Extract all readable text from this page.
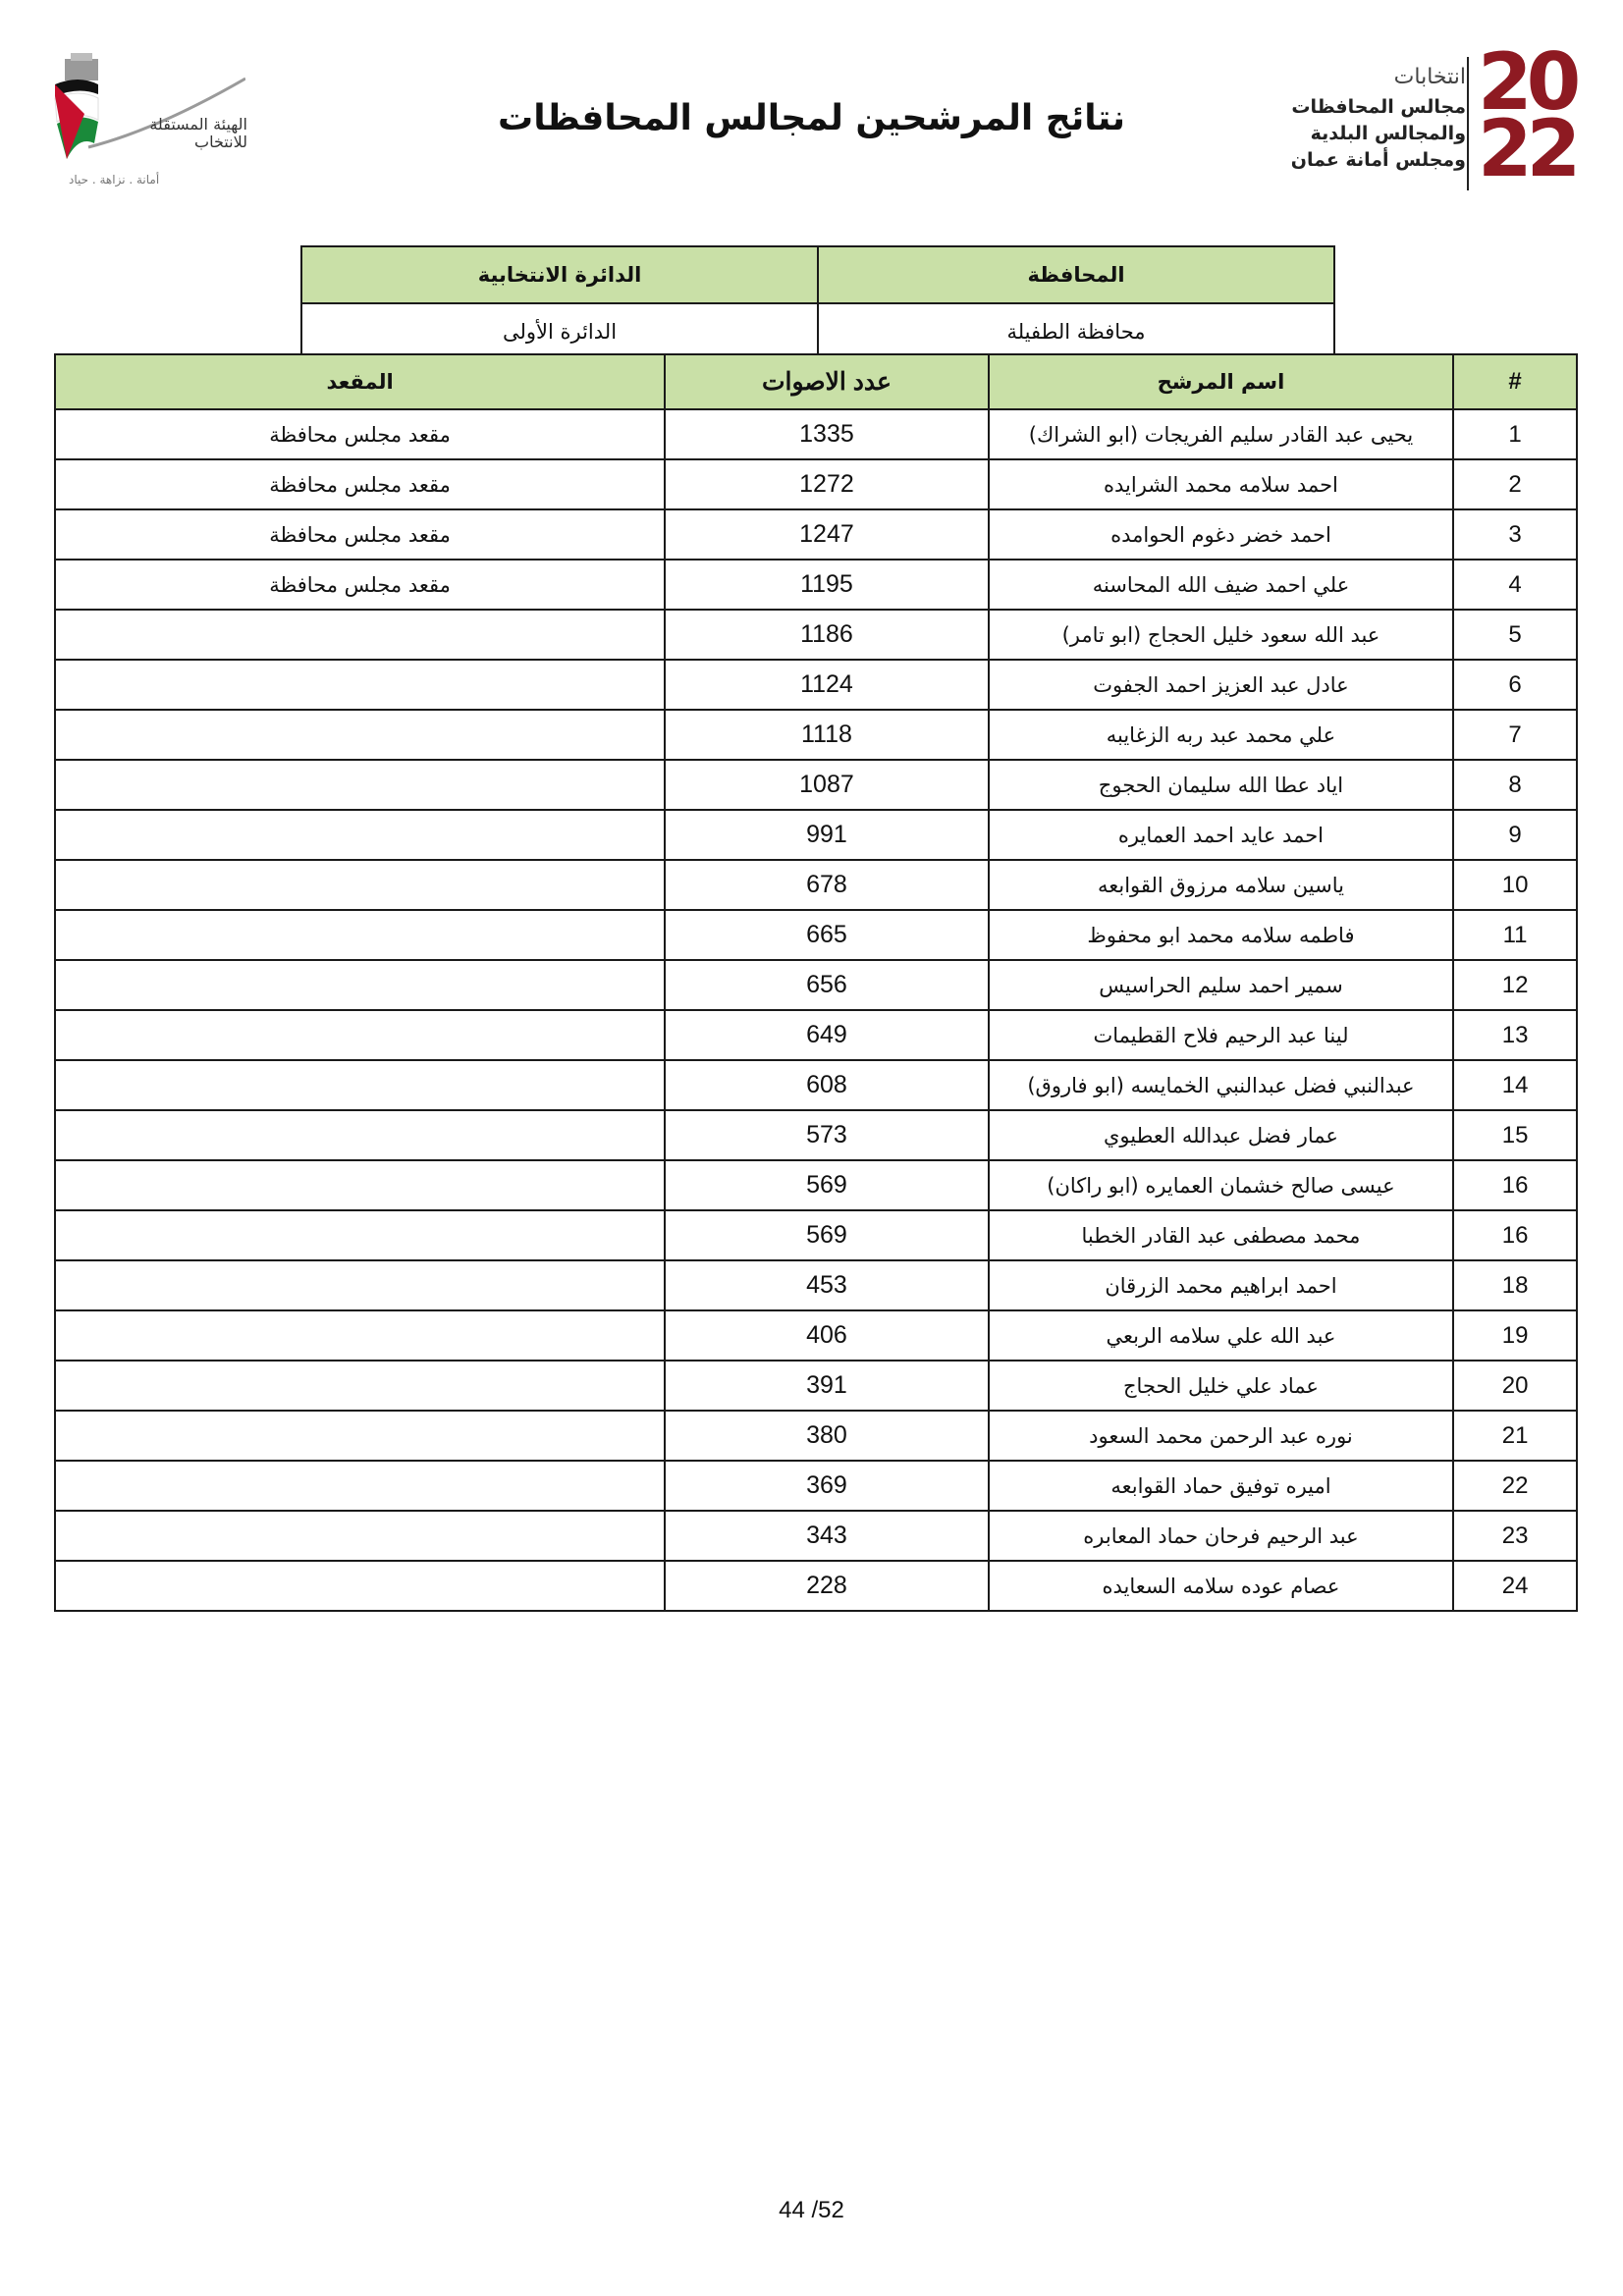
الهيئة المستقلة
للانتخاب
أمانة . نزاهة . حياد
نتائج المرشحين لمجالس المحافظات
انتخابات
مجالس المحافظات
والمجالس البلدية
ومجلس أمانة عمان
20
22
المحافظة	الدائرة الانتخابية
محافظة الطفيلة	الدائرة الأولى
#	اسم المرشح	عدد الاصوات	المقعد
1	يحيى عبد القادر سليم الفريجات (ابو الشراك)	1335	مقعد مجلس محافظة
2	احمد سلامه محمد الشرايده	1272	مقعد مجلس محافظة
3	احمد خضر دغوم الحوامده	1247	مقعد مجلس محافظة
4	علي احمد ضيف الله المحاسنه	1195	مقعد مجلس محافظة
5	عبد الله سعود خليل الحجاج (ابو تامر)	1186	
6	عادل عبد العزيز احمد الجفوت	1124	
7	علي محمد عبد ربه الزغايبه	1118	
8	اياد عطا الله سليمان الحجوج	1087	
9	احمد عايد احمد العمايره	991	
10	ياسين سلامه مرزوق القوابعه	678	
11	فاطمه سلامه محمد ابو محفوظ	665	
12	سمير احمد سليم الحراسيس	656	
13	لينا عبد الرحيم فلاح القطيمات	649	
14	عبدالنبي فضل عبدالنبي الخمايسه (ابو فاروق)	608	
15	عمار فضل عبدالله العطيوي	573	
16	عيسى صالح خشمان العمايره (ابو راكان)	569	
16	محمد مصطفى عبد القادر الخطبا	569	
18	احمد ابراهيم محمد الزرقان	453	
19	عبد الله علي سلامه الربعي	406	
20	عماد علي خليل الحجاج	391	
21	نوره عبد الرحمن محمد السعود	380	
22	اميره توفيق حماد القوابعه	369	
23	عبد الرحيم فرحان حماد المعابره	343	
24	عصام عوده سلامه السعايده	228	
44 /52
